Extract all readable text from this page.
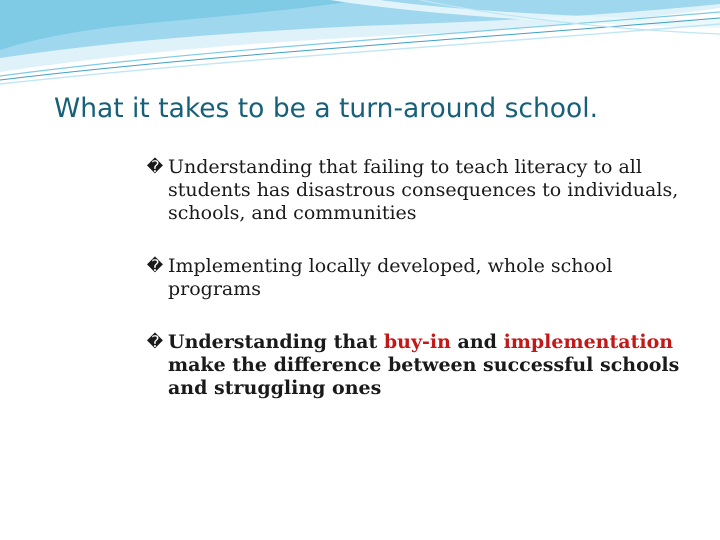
What it takes to be a turn-around school.
� Understanding that failing to teach literacy to all students has disastrous consequences to individuals, schools, and communities
� Implementing locally developed, whole school programs
� Understanding that buy-in and implementation make the difference between successful schools and struggling ones
